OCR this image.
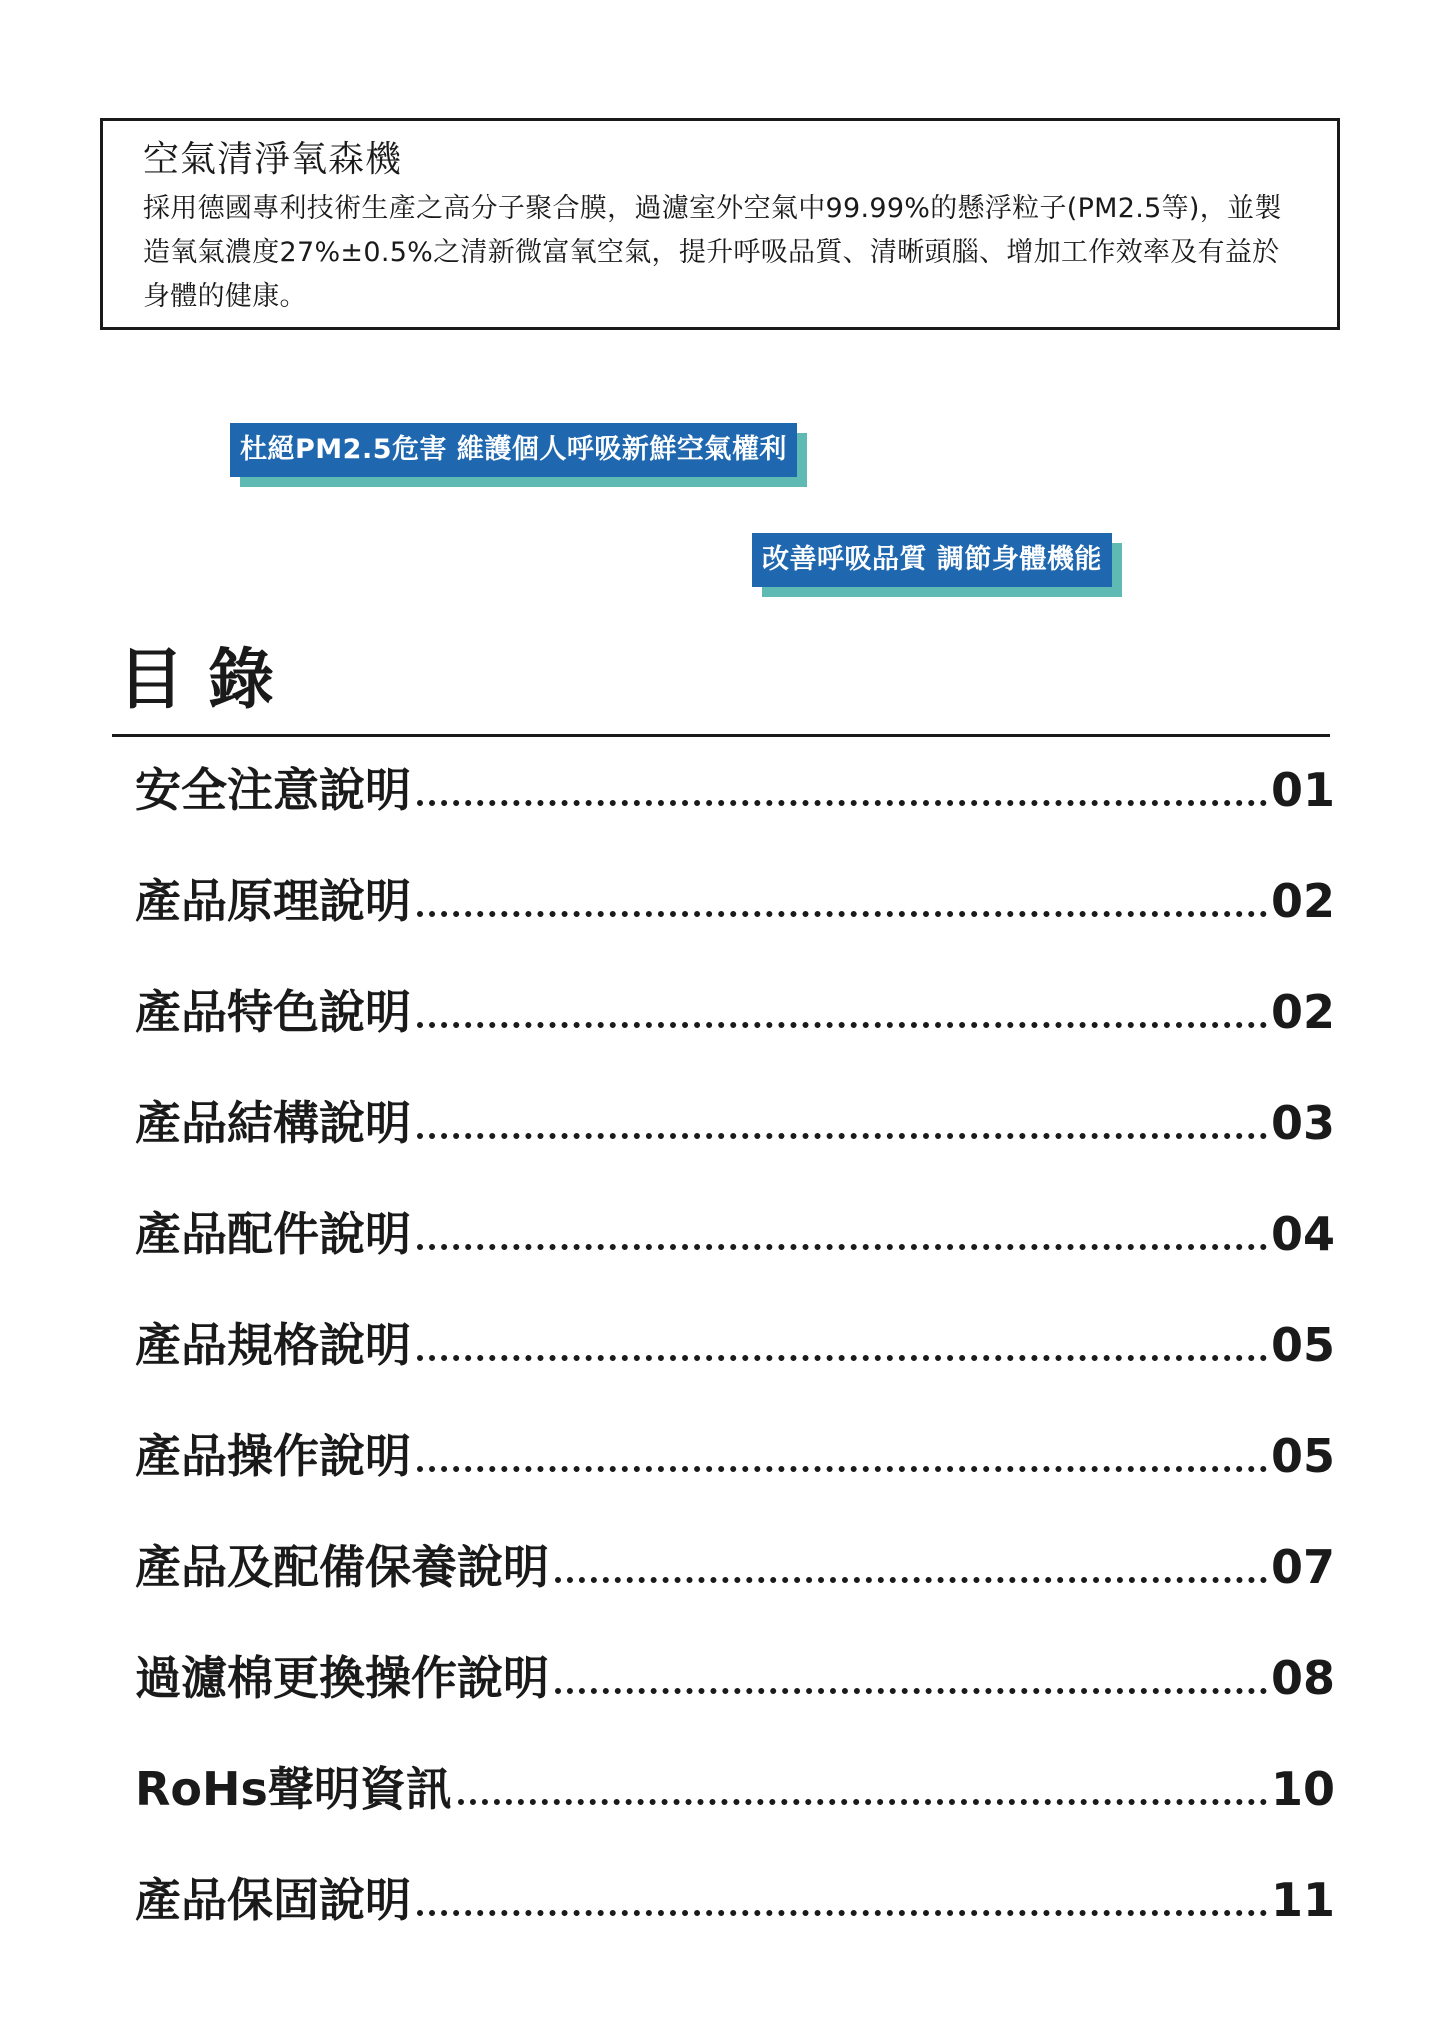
空氣清淨氧森機
採用德國專利技術生產之高分子聚合膜，過濾室外空氣中99.99%的懸浮粒子(PM2.5等)，並製造氧氣濃度27%±0.5%之清新微富氧空氣，提升呼吸品質、清晰頭腦、增加工作效率及有益於身體的健康。
杜絕PM2.5危害 維護個人呼吸新鮮空氣權利
改善呼吸品質 調節身體機能
目錄
安全注意說明	01
產品原理說明	02
產品特色說明	02
產品結構說明	03
產品配件說明	04
產品規格說明	05
產品操作說明	05
產品及配備保養說明	07
過濾棉更換操作說明	08
RoHs聲明資訊	10
產品保固說明	11
